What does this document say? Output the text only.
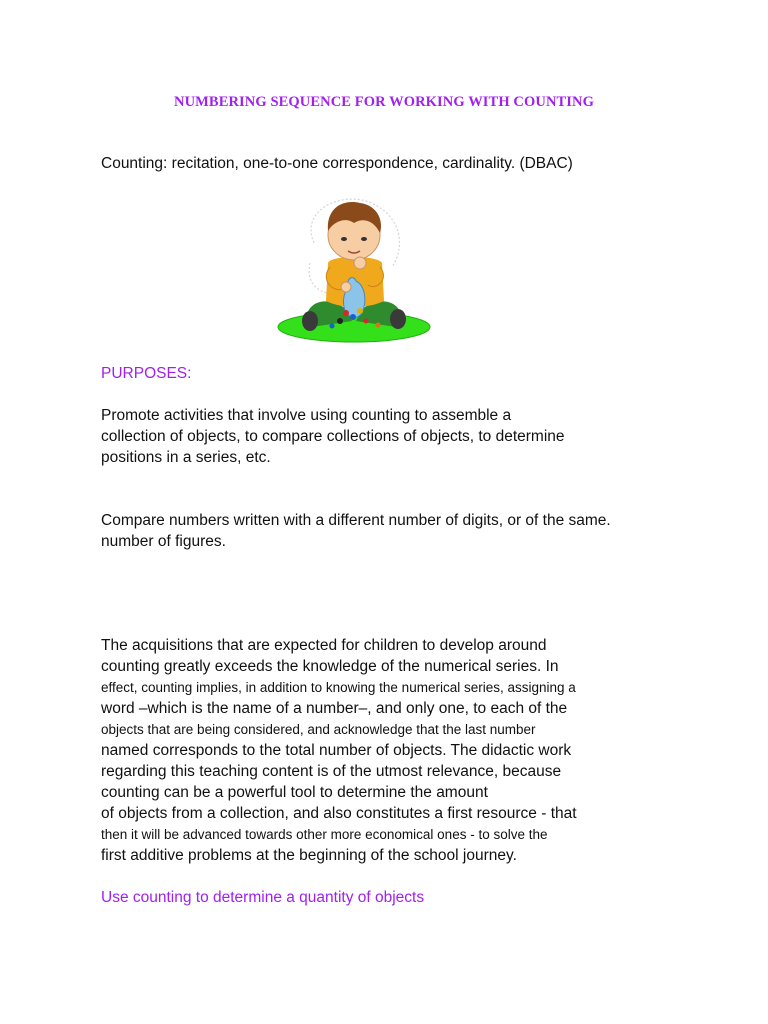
NUMBERING SEQUENCE FOR WORKING WITH COUNTING

Counting: recitation, one-to-one correspondence, cardinality. (DBAC)

PURPOSES:

Promote activities that involve using counting to assemble a
collection of objects, to compare collections of objects, to determine
positions in a series, etc.

Compare numbers written with a different number of digits, or of the same.
number of figures.

The acquisitions that are expected for children to develop around
counting greatly exceeds the knowledge of the numerical series. In
effect, counting implies, in addition to knowing the numerical series, assigning a
word –which is the name of a number–, and only one, to each of the
objects that are being considered, and acknowledge that the last number
named corresponds to the total number of objects. The didactic work
regarding this teaching content is of the utmost relevance, because
counting can be a powerful tool to determine the amount
of objects from a collection, and also constitutes a first resource - that
then it will be advanced towards other more economical ones - to solve the
first additive problems at the beginning of the school journey.

Use counting to determine a quantity of objects
